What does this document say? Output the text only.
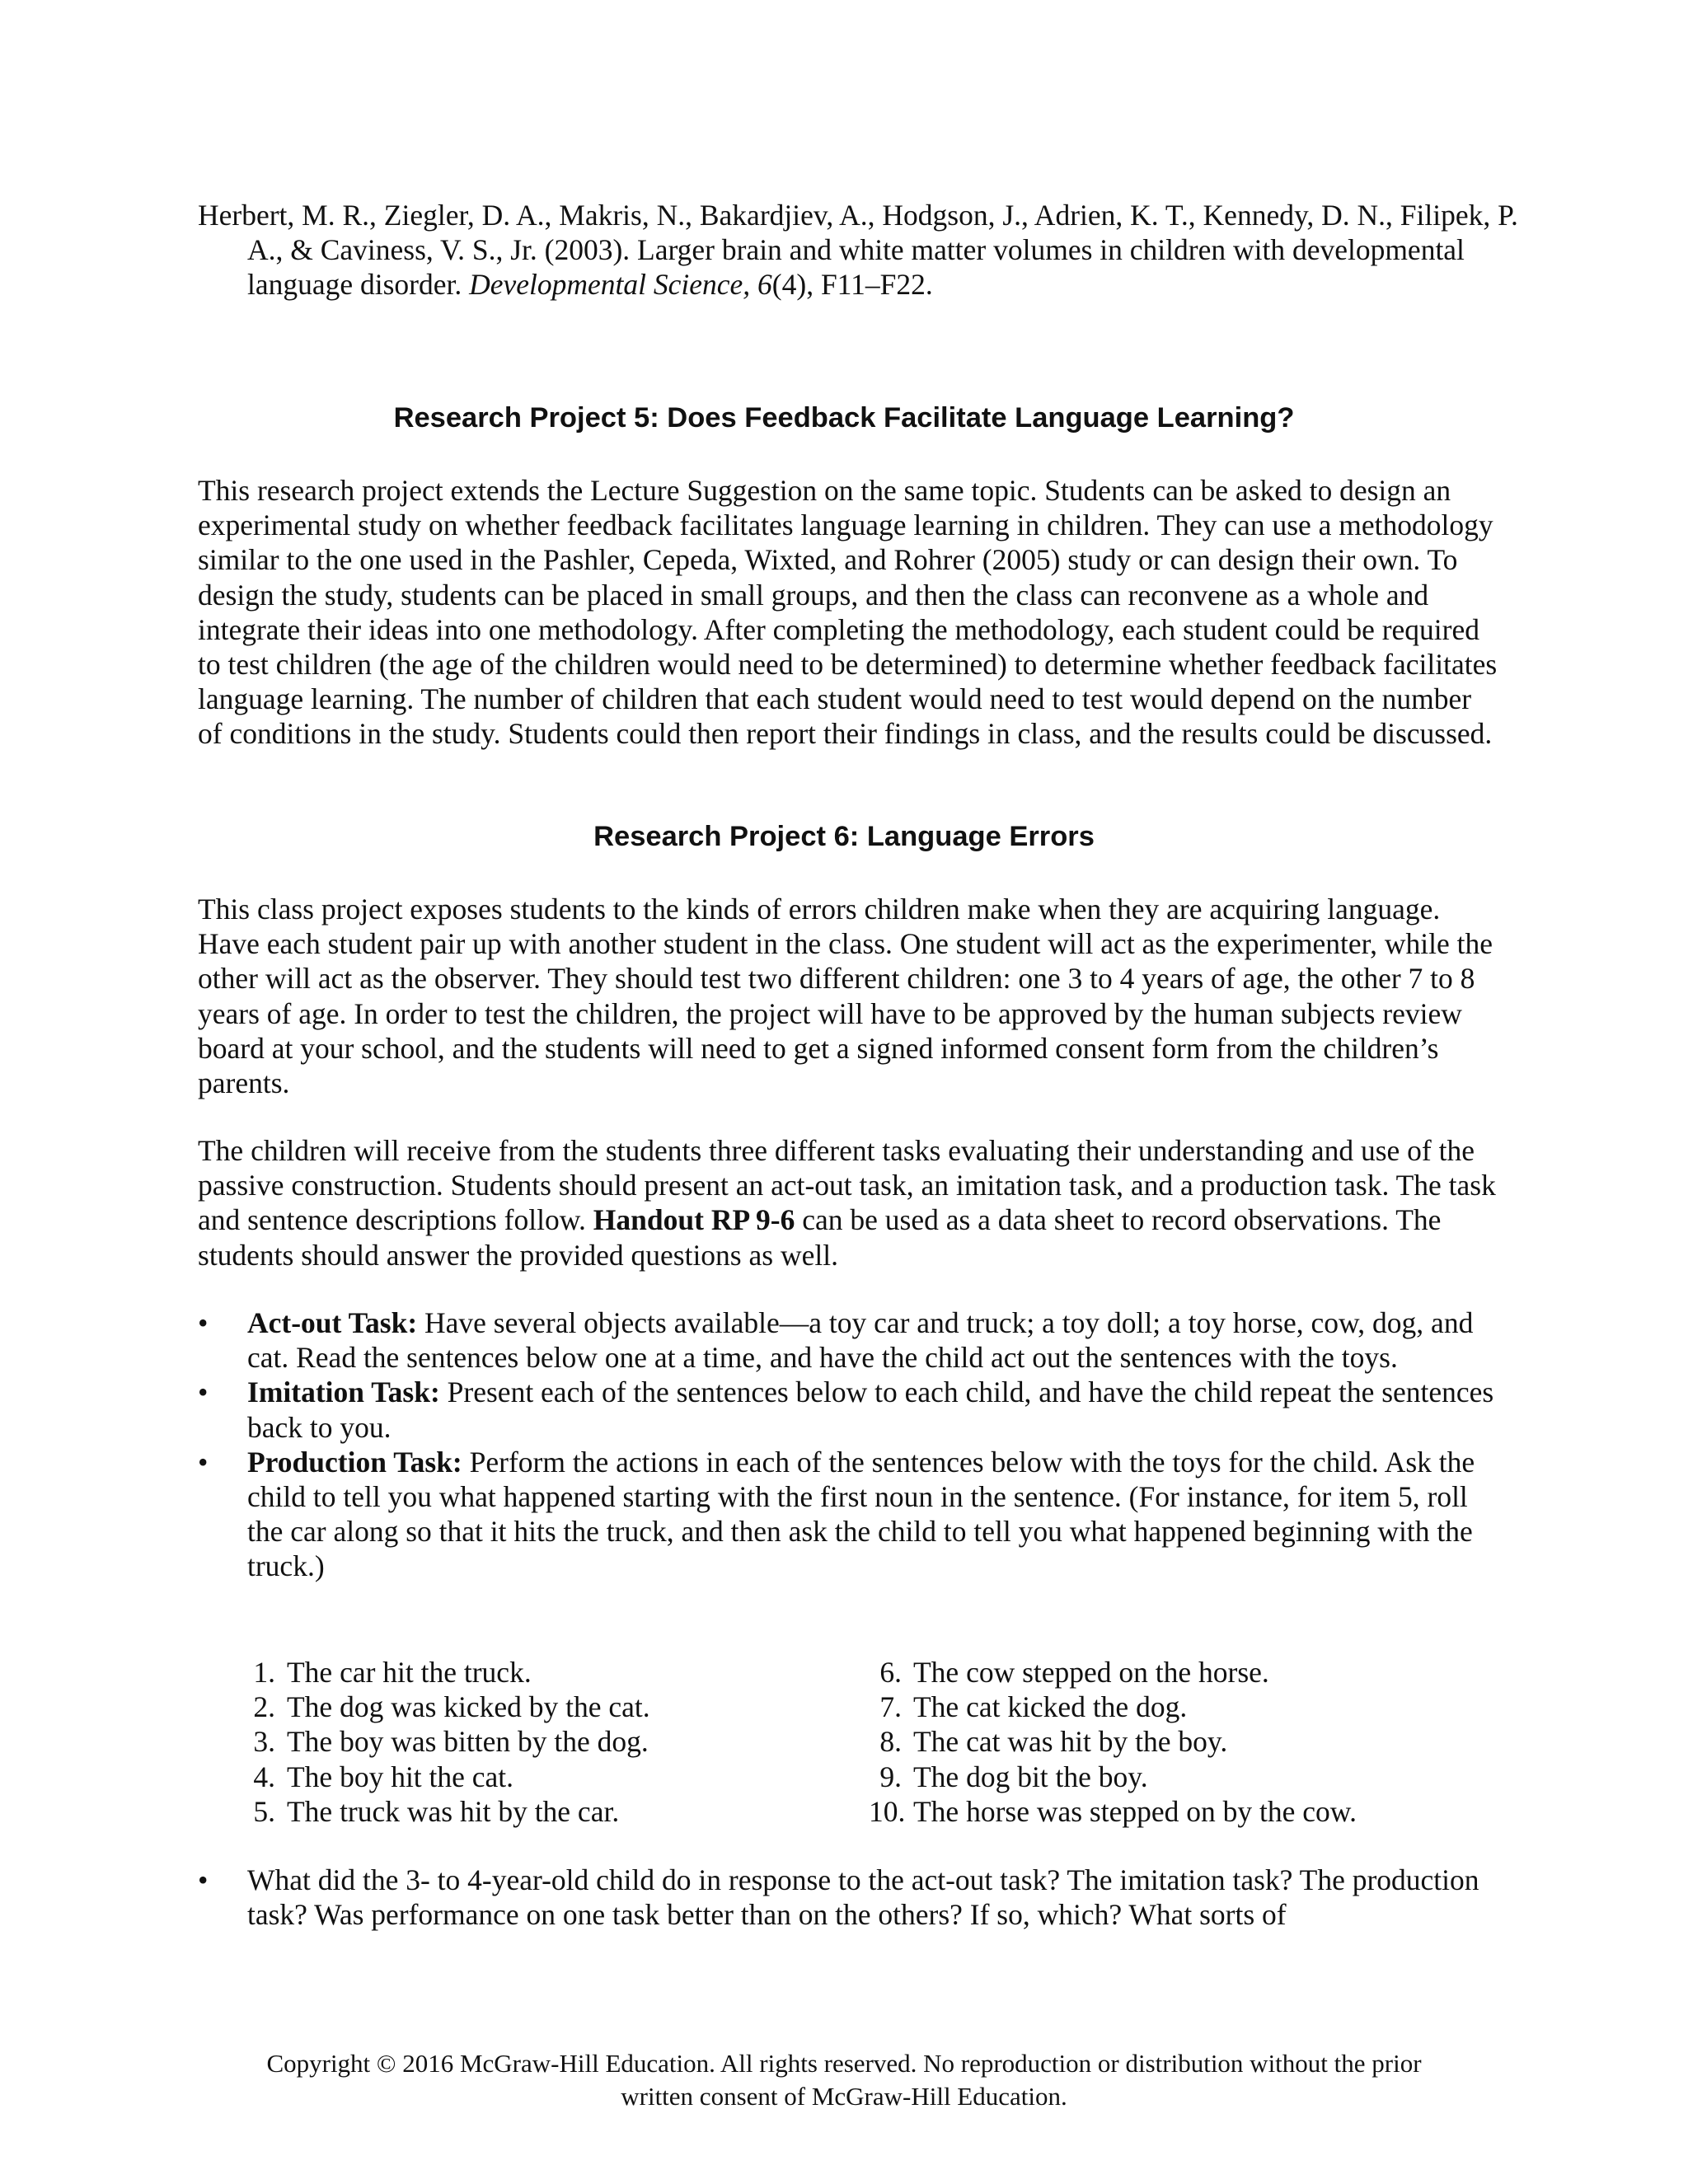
Herbert, M. R., Ziegler, D. A., Makris, N., Bakardjiev, A., Hodgson, J., Adrien, K. T., Kennedy, D. N., Filipek, P. A., & Caviness, V. S., Jr. (2003). Larger brain and white matter volumes in children with developmental language disorder. Developmental Science, 6(4), F11–F22.

Research Project 5: Does Feedback Facilitate Language Learning?

This research project extends the Lecture Suggestion on the same topic. Students can be asked to design an experimental study on whether feedback facilitates language learning in children. They can use a methodology similar to the one used in the Pashler, Cepeda, Wixted, and Rohrer (2005) study or can design their own. To design the study, students can be placed in small groups, and then the class can reconvene as a whole and integrate their ideas into one methodology. After completing the methodology, each student could be required to test children (the age of the children would need to be determined) to determine whether feedback facilitates language learning. The number of children that each student would need to test would depend on the number of conditions in the study. Students could then report their findings in class, and the results could be discussed.

Research Project 6: Language Errors

This class project exposes students to the kinds of errors children make when they are acquiring language. Have each student pair up with another student in the class. One student will act as the experimenter, while the other will act as the observer. They should test two different children: one 3 to 4 years of age, the other 7 to 8 years of age. In order to test the children, the project will have to be approved by the human subjects review board at your school, and the students will need to get a signed informed consent form from the children’s parents.

The children will receive from the students three different tasks evaluating their understanding and use of the passive construction. Students should present an act-out task, an imitation task, and a production task. The task and sentence descriptions follow. Handout RP 9-6 can be used as a data sheet to record observations. The students should answer the provided questions as well.

• Act-out Task: Have several objects available—a toy car and truck; a toy doll; a toy horse, cow, dog, and cat. Read the sentences below one at a time, and have the child act out the sentences with the toys.
• Imitation Task: Present each of the sentences below to each child, and have the child repeat the sentences back to you.
• Production Task: Perform the actions in each of the sentences below with the toys for the child. Ask the child to tell you what happened starting with the first noun in the sentence. (For instance, for item 5, roll the car along so that it hits the truck, and then ask the child to tell you what happened beginning with the truck.)
1. The car hit the truck.
2. The dog was kicked by the cat.
3. The boy was bitten by the dog.
4. The boy hit the cat.
5. The truck was hit by the car.
6. The cow stepped on the horse.
7. The cat kicked the dog.
8. The cat was hit by the boy.
9. The dog bit the boy.
10. The horse was stepped on by the cow.
• What did the 3- to 4-year-old child do in response to the act-out task? The imitation task? The production task? Was performance on one task better than on the others? If so, which? What sorts of
Copyright © 2016 McGraw-Hill Education. All rights reserved. No reproduction or distribution without the prior
written consent of McGraw-Hill Education.
